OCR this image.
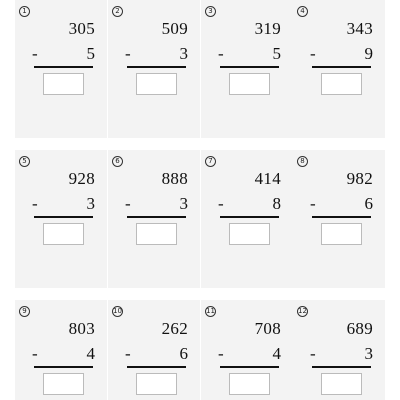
1
305
-	5
2
509
-	3
3
319
-	5
4
343
-	9
5
928
-	3
6
888
-	3
7
414
-	8
8
982
-	6
9
803
-	4
10
262
-	6
11
708
-	4
12
689
-	3
